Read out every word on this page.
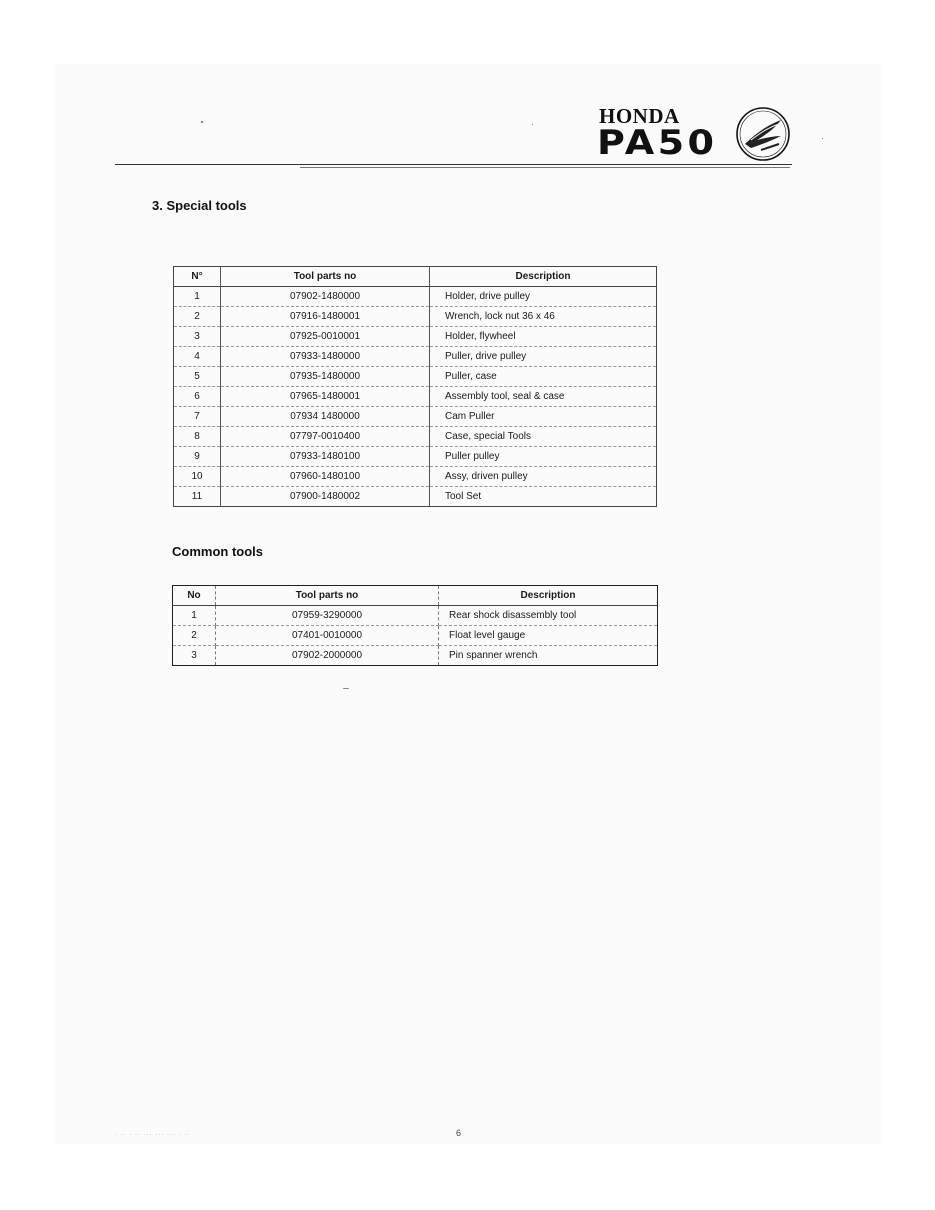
HONDA
PA50
3. Special tools
N°	Tool parts no	Description
1	07902-1480000	Holder, drive pulley
2	07916-1480001	Wrench, lock nut 36 x 46
3	07925-0010001	Holder, flywheel
4	07933-1480000	Puller, drive pulley
5	07935-1480000	Puller, case
6	07965-1480001	Assembly tool, seal & case
7	07934 1480000	Cam Puller
8	07797-0010400	Case, special Tools
9	07933-1480100	Puller pulley
10	07960-1480100	Assy, driven pulley
11	07900-1480002	Tool Set
Common tools
No	Tool parts no	Description
1	07959-3290000	Rear shock disassembly tool
2	07401-0010000	Float level gauge
3	07902-2000000	Pin spanner wrench
· ·· · ·· ··· ··· ··· · ··	6
